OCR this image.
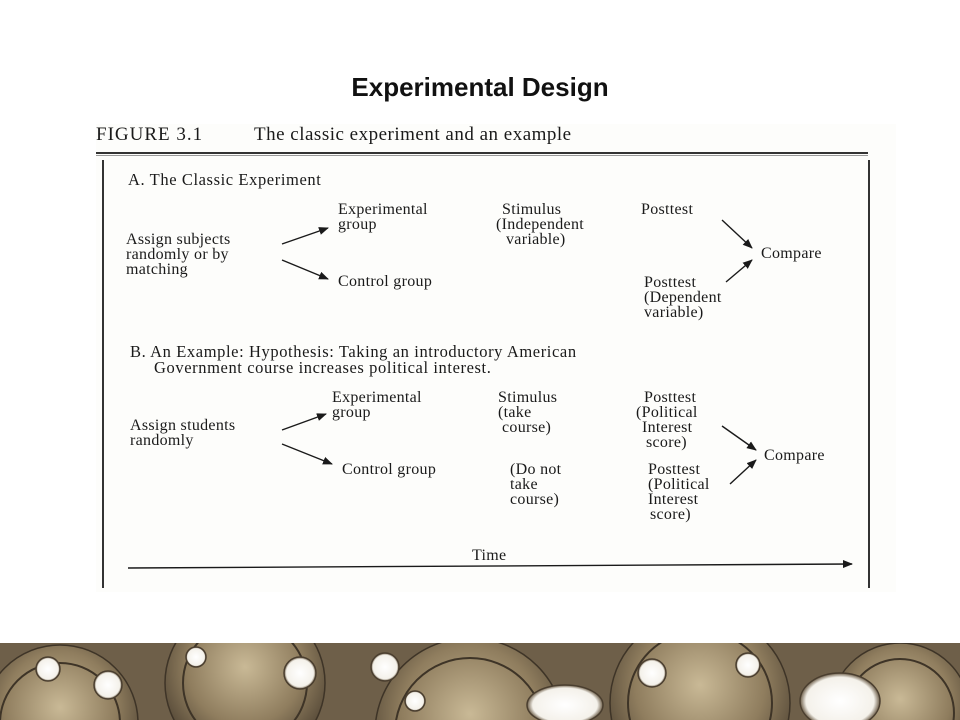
Experimental Design
FIGURE 3.1	The classic experiment and an example
A. The Classic Experiment
Assign subjects
randomly or by
matching
Experimental
group
Control group
Stimulus
(Independent
variable)
Posttest
Posttest
(Dependent
variable)
Compare
B. An Example: Hypothesis: Taking an introductory American
Government course increases political interest.
Assign students
randomly
Experimental
group
Control group
Stimulus
(take
course)
(Do not
take
course)
Posttest
(Political
Interest
score)
Posttest
(Political
Interest
score)
Compare
Time
